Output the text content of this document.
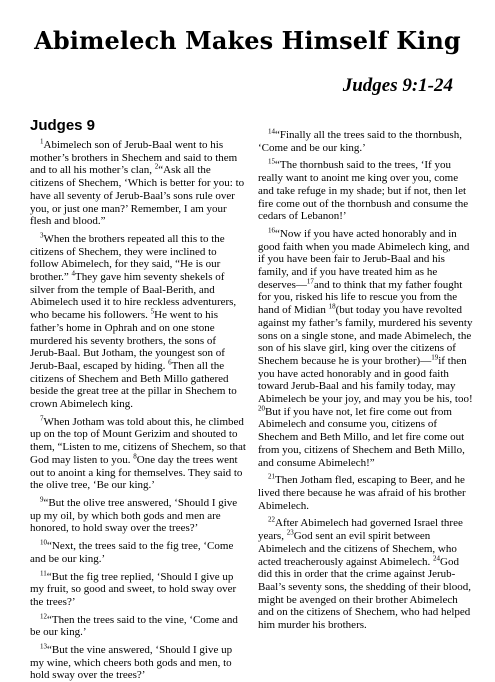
Abimelech Makes Himself King
Judges 9:1-24
Judges 9

$^1$Abimelech son of Jerub-Baal went to his mother’s brothers in Shechem and said to them and to all his mother’s clan, $^2$“Ask all the citizens of Shechem, ‘Which is better for you: to have all seventy of Jerub-Baal’s sons rule over you, or just one man?’ Remember, I am your flesh and blood.”

$^3$When the brothers repeated all this to the citizens of Shechem, they were inclined to follow Abimelech, for they said, “He is our brother.” $^4$They gave him seventy shekels of silver from the temple of Baal-Berith, and Abimelech used it to hire reckless adventurers, who became his followers. $^5$He went to his father’s home in Ophrah and on one stone murdered his seventy brothers, the sons of Jerub-Baal. But Jotham, the youngest son of Jerub-Baal, escaped by hiding. $^6$Then all the citizens of Shechem and Beth Millo gathered beside the great tree at the pillar in Shechem to crown Abimelech king.

$^7$When Jotham was told about this, he climbed up on the top of Mount Gerizim and shouted to them, “Listen to me, citizens of Shechem, so that God may listen to you. $^8$One day the trees went out to anoint a king for themselves. They said to the olive tree, ‘Be our king.’

$^9$“But the olive tree answered, ‘Should I give up my oil, by which both gods and men are honored, to hold sway over the trees?’

$^{10}$“Next, the trees said to the fig tree, ‘Come and be our king.’

$^{11}$“But the fig tree replied, ‘Should I give up my fruit, so good and sweet, to hold sway over the trees?’

$^{12}$“Then the trees said to the vine, ‘Come and be our king.’

$^{13}$“But the vine answered, ‘Should I give up my wine, which cheers both gods and men, to hold sway over the trees?’

$^{14}$“Finally all the trees said to the thornbush, ‘Come and be our king.’

$^{15}$“The thornbush said to the trees, ‘If you really want to anoint me king over you, come and take refuge in my shade; but if not, then let fire come out of the thornbush and consume the cedars of Lebanon!’

$^{16}$“Now if you have acted honorably and in good faith when you made Abimelech king, and if you have been fair to Jerub-Baal and his family, and if you have treated him as he deserves—$^{17}$and to think that my father fought for you, risked his life to rescue you from the hand of Midian $^{18}$(but today you have revolted against my father’s family, murdered his seventy sons on a single stone, and made Abimelech, the son of his slave girl, king over the citizens of Shechem because he is your brother)—$^{19}$if then you have acted honorably and in good faith toward Jerub-Baal and his family today, may Abimelech be your joy, and may you be his, too! $^{20}$But if you have not, let fire come out from Abimelech and consume you, citizens of Shechem and Beth Millo, and let fire come out from you, citizens of Shechem and Beth Millo, and consume Abimelech!”

$^{21}$Then Jotham fled, escaping to Beer, and he lived there because he was afraid of his brother Abimelech.

$^{22}$After Abimelech had governed Israel three years, $^{23}$God sent an evil spirit between Abimelech and the citizens of Shechem, who acted treacherously against Abimelech. $^{24}$God did this in order that the crime against Jerub-Baal’s seventy sons, the shedding of their blood, might be avenged on their brother Abimelech and on the citizens of Shechem, who had helped him murder his brothers.
